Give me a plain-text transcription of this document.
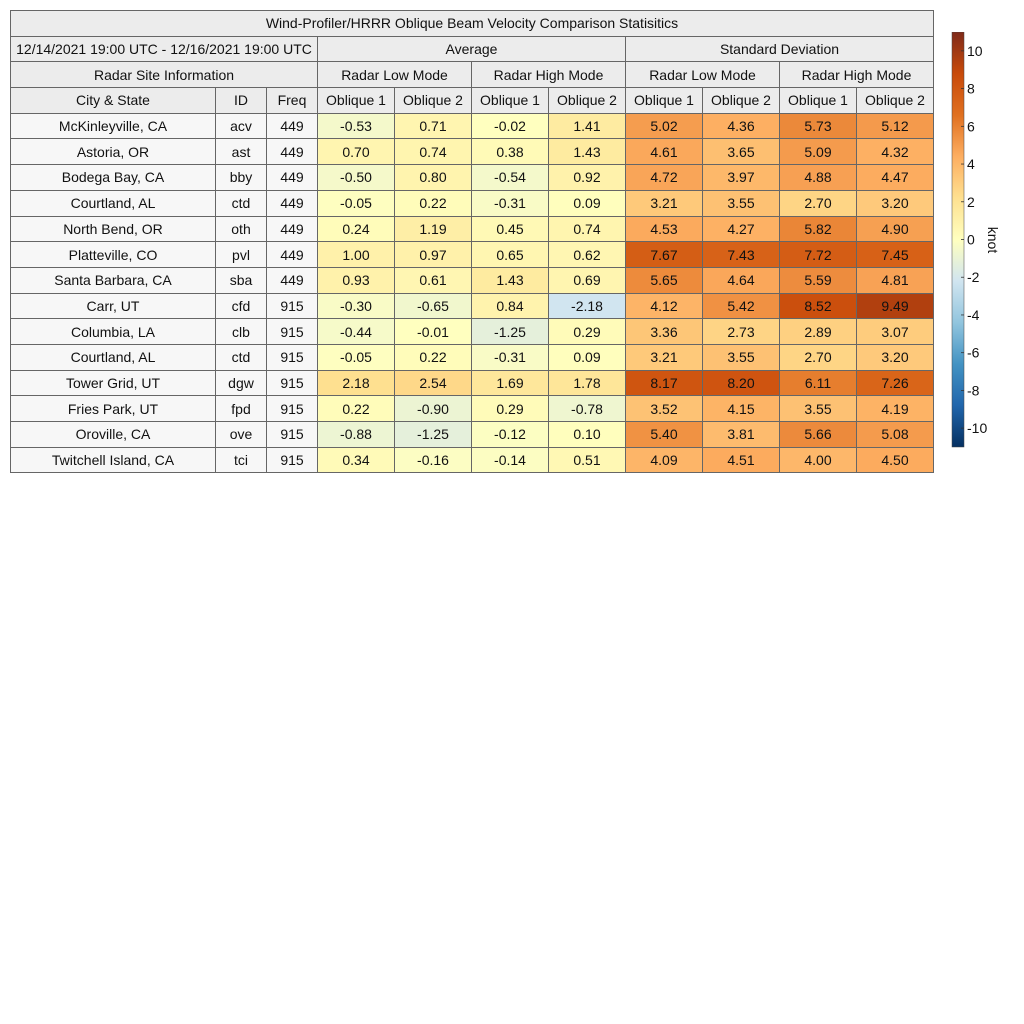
Wind-Profiler/HRRR Oblique Beam Velocity Comparison Statisitics										
12/14/2021 19:00 UTC - 12/16/2021 19:00 UTC			Average				Standard Deviation			
Radar Site Information			Radar Low Mode		Radar High Mode		Radar Low Mode		Radar High Mode	
City & State	ID	Freq	Oblique 1	Oblique 2	Oblique 1	Oblique 2	Oblique 1	Oblique 2	Oblique 1	Oblique 2
McKinleyville, CA	acv	449	-0.53	0.71	-0.02	1.41	5.02	4.36	5.73	5.12
Astoria, OR	ast	449	0.70	0.74	0.38	1.43	4.61	3.65	5.09	4.32
Bodega Bay, CA	bby	449	-0.50	0.80	-0.54	0.92	4.72	3.97	4.88	4.47
Courtland, AL	ctd	449	-0.05	0.22	-0.31	0.09	3.21	3.55	2.70	3.20
North Bend, OR	oth	449	0.24	1.19	0.45	0.74	4.53	4.27	5.82	4.90
Platteville, CO	pvl	449	1.00	0.97	0.65	0.62	7.67	7.43	7.72	7.45
Santa Barbara, CA	sba	449	0.93	0.61	1.43	0.69	5.65	4.64	5.59	4.81
Carr, UT	cfd	915	-0.30	-0.65	0.84	-2.18	4.12	5.42	8.52	9.49
Columbia, LA	clb	915	-0.44	-0.01	-1.25	0.29	3.36	2.73	2.89	3.07
Courtland, AL	ctd	915	-0.05	0.22	-0.31	0.09	3.21	3.55	2.70	3.20
Tower Grid, UT	dgw	915	2.18	2.54	1.69	1.78	8.17	8.20	6.11	7.26
Fries Park, UT	fpd	915	0.22	-0.90	0.29	-0.78	3.52	4.15	3.55	4.19
Oroville, CA	ove	915	-0.88	-1.25	-0.12	0.10	5.40	3.81	5.66	5.08
Twitchell Island, CA	tci	915	0.34	-0.16	-0.14	0.51	4.09	4.51	4.00	4.50
10
8
6
4
2
0
-2
-4
-6
-8
-10
knot
